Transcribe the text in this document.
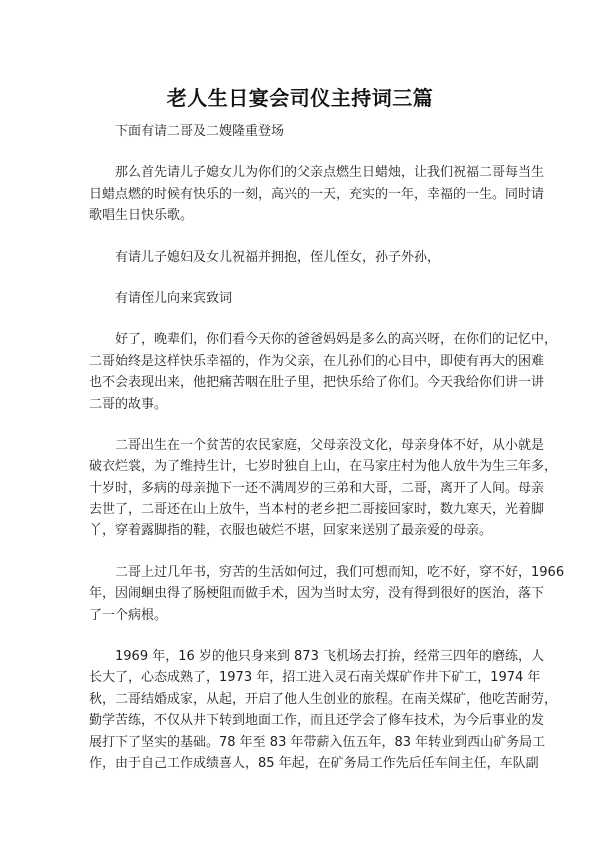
老人生日宴会司仪主持词三篇
下面有请二哥及二嫂隆重登场
那么首先请儿子媳女儿为你们的父亲点燃生日蜡烛，让我们祝福二哥每当生
日蜡点燃的时候有快乐的一刻，高兴的一天，充实的一年，幸福的一生。同时请
歌唱生日快乐歌。
有请儿子媳妇及女儿祝福并拥抱，侄儿侄女，孙子外孙，
有请侄儿向来宾致词
好了，晚辈们，你们看今天你的爸爸妈妈是多么的高兴呀，在你们的记忆中，
二哥始终是这样快乐幸福的，作为父亲，在儿孙们的心目中，即使有再大的困难
也不会表现出来，他把痛苦咽在肚子里，把快乐给了你们。今天我给你们讲一讲
二哥的故事。
二哥出生在一个贫苦的农民家庭，父母亲没文化，母亲身体不好，从小就是
破衣烂裳，为了维持生计，七岁时独自上山，在马家庄村为他人放牛为生三年多，
十岁时，多病的母亲抛下一还不满周岁的三弟和大哥，二哥，离开了人间。母亲
去世了，二哥还在山上放牛，当本村的老乡把二哥接回家时，数九寒天，光着脚
丫，穿着露脚指的鞋，衣服也破烂不堪，回家来送别了最亲爱的母亲。
二哥上过几年书，穷苦的生活如何过，我们可想而知，吃不好，穿不好，1966
年，因闹蛔虫得了肠梗阻而做手术，因为当时太穷，没有得到很好的医治，落下
了一个病根。
1969 年，16 岁的他只身来到 873 飞机场去打拚，经常三四年的磨练，人
长大了，心态成熟了，1973 年，招工进入灵石南关煤矿作井下矿工，1974 年
秋，二哥结婚成家，从起，开启了他人生创业的旅程。在南关煤矿，他吃苦耐劳，
勤学苦练，不仅从井下转到地面工作，而且还学会了修车技术，为今后事业的发
展打下了坚实的基础。78 年至 83 年带薪入伍五年，83 年转业到西山矿务局工
作，由于自己工作成绩喜人，85 年起，在矿务局工作先后任车间主任，车队副
